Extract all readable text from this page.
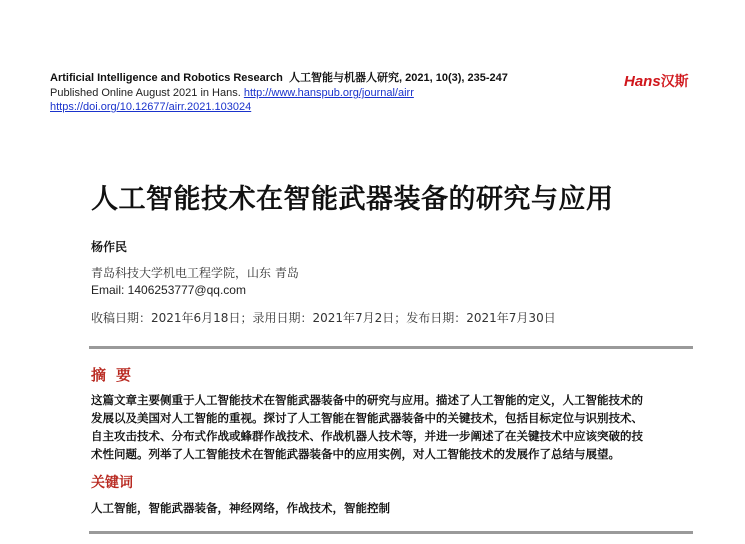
Artificial Intelligence and Robotics Research 人工智能与机器人研究, 2021, 10(3), 235-247
Published Online August 2021 in Hans. http://www.hanspub.org/journal/airr
https://doi.org/10.12677/airr.2021.103024
Hans汉斯
人工智能技术在智能武器装备的研究与应用
杨作民
青岛科技大学机电工程学院，山东 青岛
Email: 1406253777@qq.com
收稿日期：2021年6月18日；录用日期：2021年7月2日；发布日期：2021年7月30日
摘要
这篇文章主要侧重于人工智能技术在智能武器装备中的研究与应用。描述了人工智能的定义，人工智能技术的
发展以及美国对人工智能的重视。探讨了人工智能在智能武器装备中的关键技术，包括目标定位与识别技术、
自主攻击技术、分布式作战或蜂群作战技术、作战机器人技术等，并进一步阐述了在关键技术中应该突破的技
术性问题。列举了人工智能技术在智能武器装备中的应用实例，对人工智能技术的发展作了总结与展望。
关键词
人工智能，智能武器装备，神经网络，作战技术，智能控制
